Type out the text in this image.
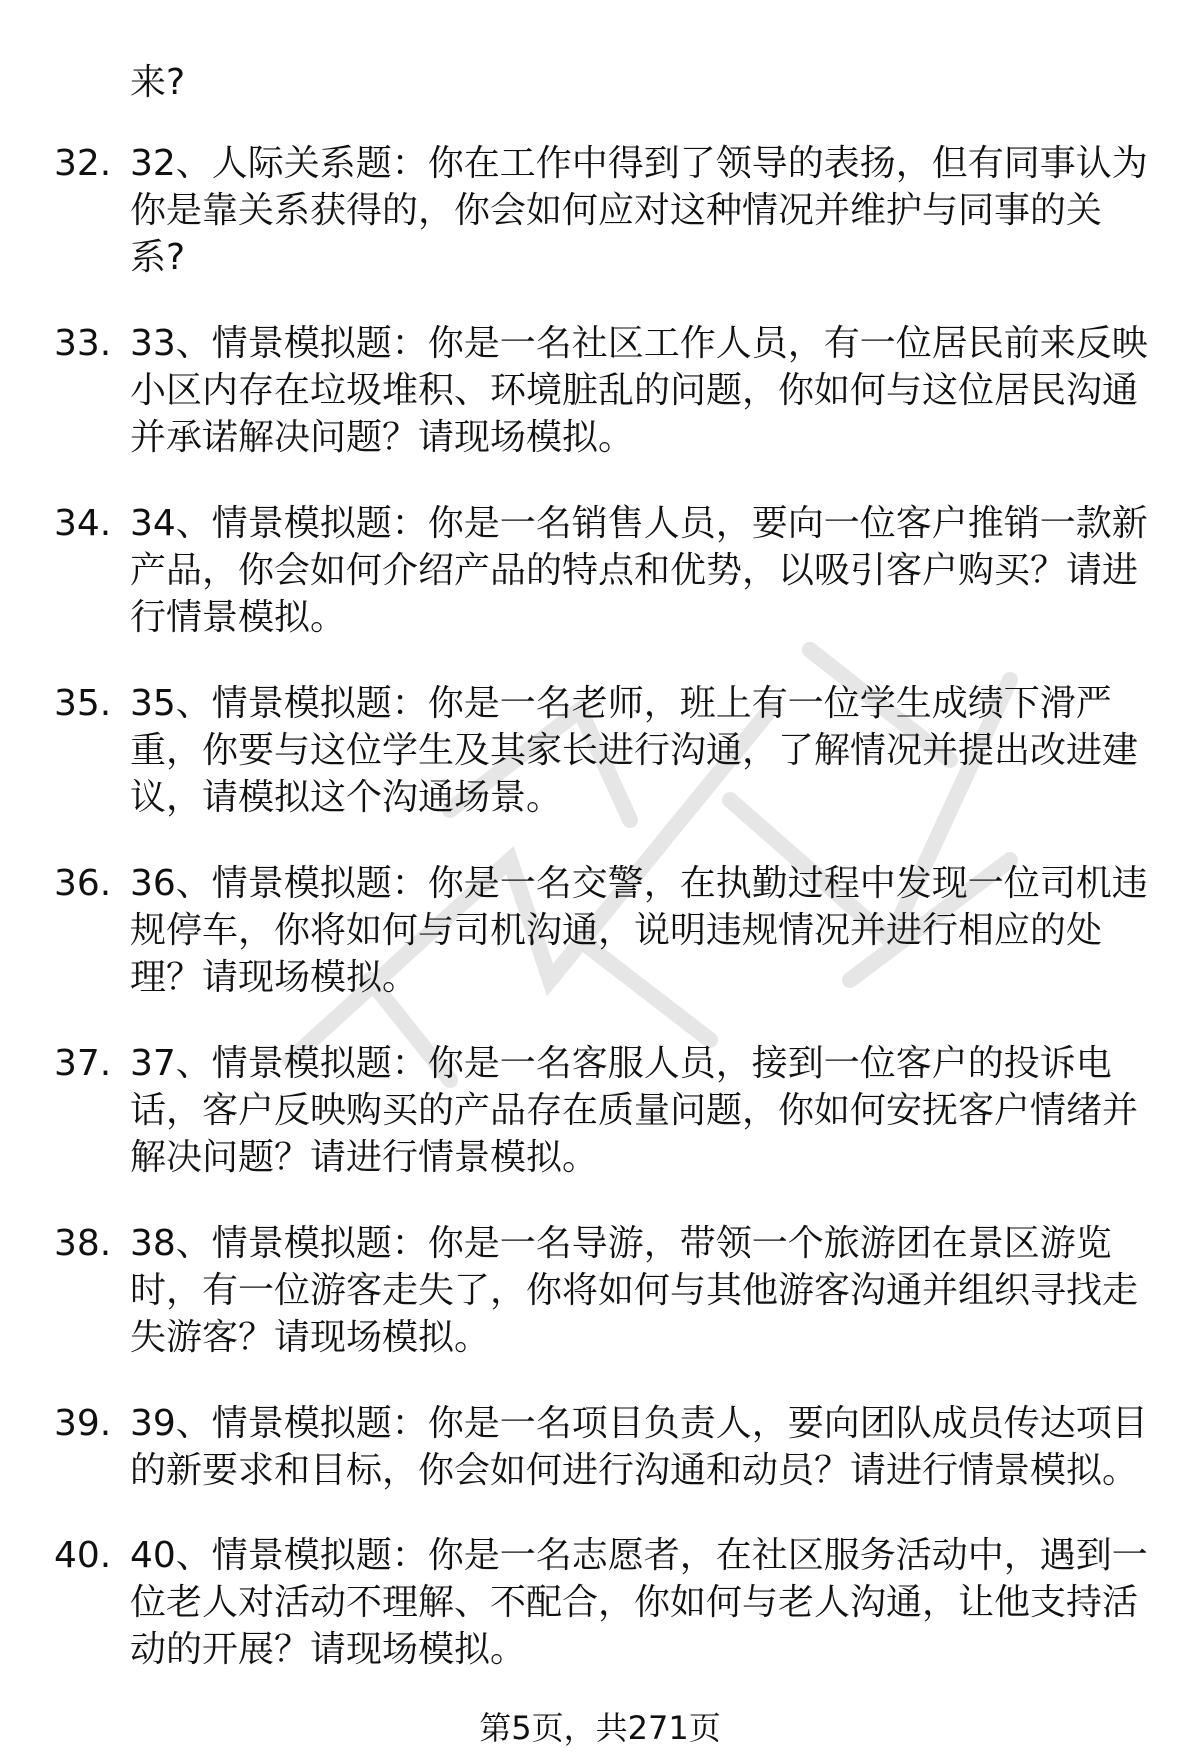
来?
32. 32、人际关系题：你在工作中得到了领导的表扬，但有同事认为
你是靠关系获得的，你会如何应对这种情况并维护与同事的关
系?
33. 33、情景模拟题：你是一名社区工作人员，有一位居民前来反映
小区内存在垃圾堆积、环境脏乱的问题，你如何与这位居民沟通
并承诺解决问题？请现场模拟。
34. 34、情景模拟题：你是一名销售人员，要向一位客户推销一款新
产品，你会如何介绍产品的特点和优势，以吸引客户购买？请进
行情景模拟。
35. 35、情景模拟题：你是一名老师，班上有一位学生成绩下滑严
重，你要与这位学生及其家长进行沟通，了解情况并提出改进建
议，请模拟这个沟通场景。
36. 36、情景模拟题：你是一名交警，在执勤过程中发现一位司机违
规停车，你将如何与司机沟通，说明违规情况并进行相应的处
理？请现场模拟。
37. 37、情景模拟题：你是一名客服人员，接到一位客户的投诉电
话，客户反映购买的产品存在质量问题，你如何安抚客户情绪并
解决问题？请进行情景模拟。
38. 38、情景模拟题：你是一名导游，带领一个旅游团在景区游览
时，有一位游客走失了，你将如何与其他游客沟通并组织寻找走
失游客？请现场模拟。
39. 39、情景模拟题：你是一名项目负责人，要向团队成员传达项目
的新要求和目标，你会如何进行沟通和动员？请进行情景模拟。
40. 40、情景模拟题：你是一名志愿者，在社区服务活动中，遇到一
位老人对活动不理解、不配合，你如何与老人沟通，让他支持活
动的开展？请现场模拟。
第5页，共271页
